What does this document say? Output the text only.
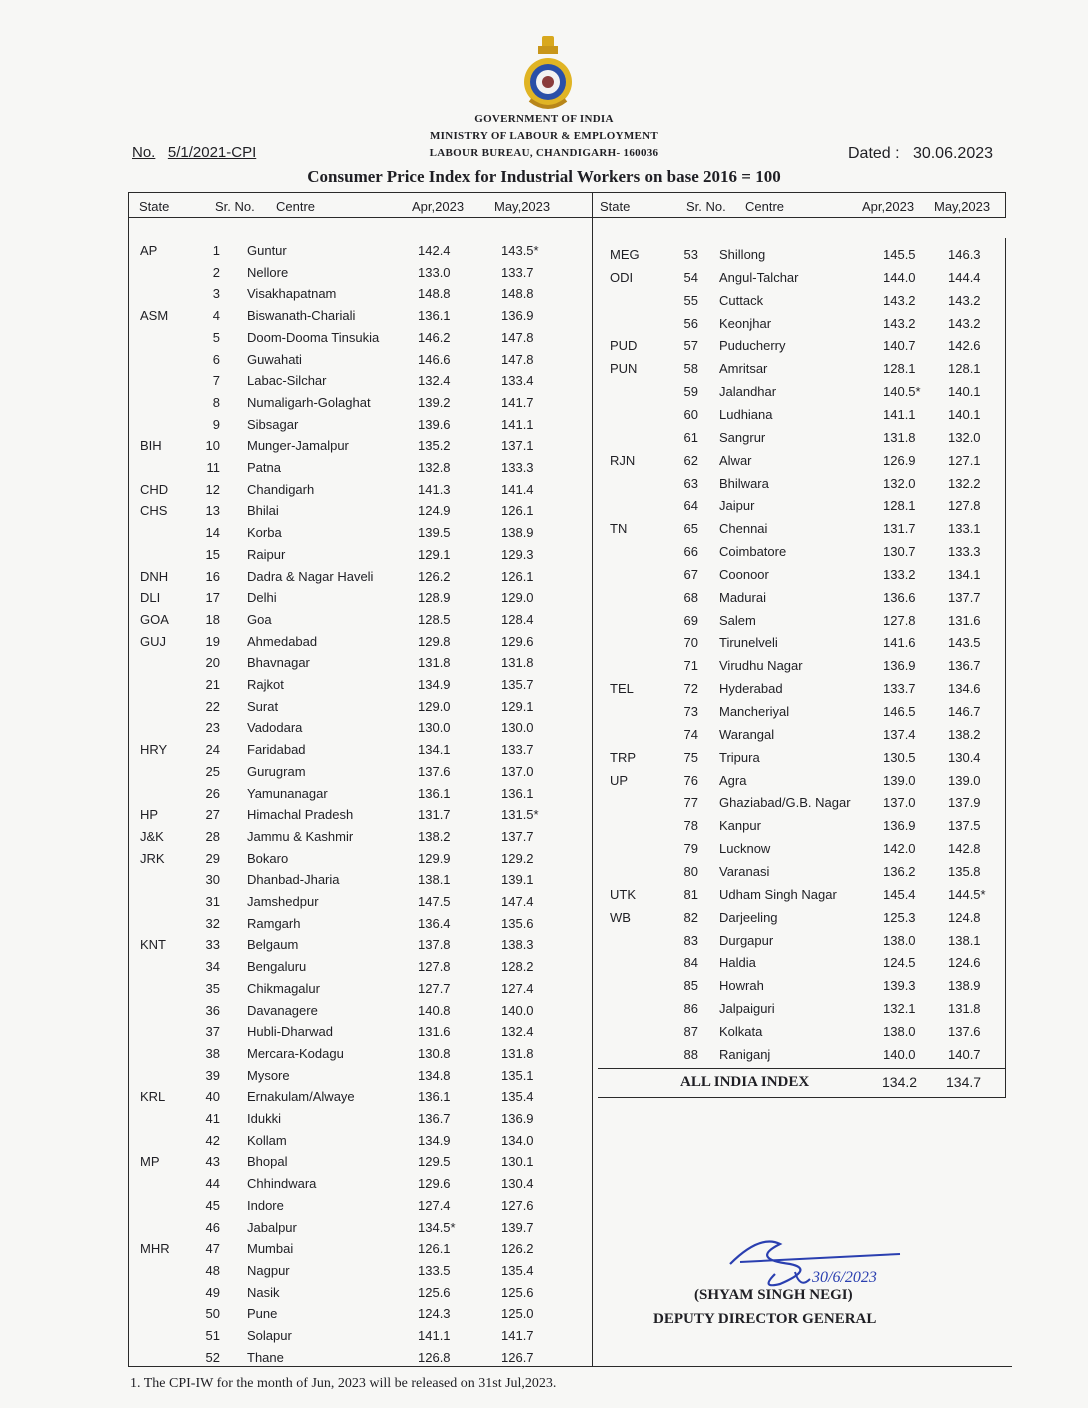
GOVERNMENT OF INDIA
MINISTRY OF LABOUR & EMPLOYMENT
LABOUR BUREAU, CHANDIGARH- 160036
No. 5/1/2021-CPI	Dated : 30.06.2023
Consumer Price Index for Industrial Workers on base 2016 = 100
State	Sr. No. Centre	Apr,2023 May,2023	State	Sr. No. Centre	Apr,2023 May,2023
AP	1 Guntur	142.4	143.5*
2 Nellore	133.0	133.7
3 Visakhapatnam	148.8	148.8
ASM	4 Biswanath-Chariali	136.1	136.9
5 Doom-Dooma Tinsukia	146.2	147.8
6 Guwahati	146.6	147.8
7 Labac-Silchar	132.4	133.4
8 Numaligarh-Golaghat	139.2	141.7
9 Sibsagar	139.6	141.1
BIH	10 Munger-Jamalpur	135.2	137.1
11 Patna	132.8	133.3
CHD	12 Chandigarh	141.3	141.4
CHS	13 Bhilai	124.9	126.1
14 Korba	139.5	138.9
15 Raipur	129.1	129.3
DNH	16 Dadra & Nagar Haveli	126.2	126.1
DLI	17 Delhi	128.9	129.0
GOA	18 Goa	128.5	128.4
GUJ	19 Ahmedabad	129.8	129.6
20 Bhavnagar	131.8	131.8
21 Rajkot	134.9	135.7
22 Surat	129.0	129.1
23 Vadodara	130.0	130.0
HRY	24 Faridabad	134.1	133.7
25 Gurugram	137.6	137.0
26 Yamunanagar	136.1	136.1
HP	27 Himachal Pradesh	131.7	131.5*
J&K	28 Jammu & Kashmir	138.2	137.7
JRK	29 Bokaro	129.9	129.2
30 Dhanbad-Jharia	138.1	139.1
31 Jamshedpur	147.5	147.4
32 Ramgarh	136.4	135.6
KNT	33 Belgaum	137.8	138.3
34 Bengaluru	127.8	128.2
35 Chikmagalur	127.7	127.4
36 Davanagere	140.8	140.0
37 Hubli-Dharwad	131.6	132.4
38 Mercara-Kodagu	130.8	131.8
39 Mysore	134.8	135.1
KRL	40 Ernakulam/Alwaye	136.1	135.4
41 Idukki	136.7	136.9
42 Kollam	134.9	134.0
MP	43 Bhopal	129.5	130.1
44 Chhindwara	129.6	130.4
45 Indore	127.4	127.6
46 Jabalpur	134.5*	139.7
MHR	47 Mumbai	126.1	126.2
48 Nagpur	133.5	135.4
49 Nasik	125.6	125.6
50 Pune	124.3	125.0
51 Solapur	141.1	141.7
52 Thane	126.8	126.7
MEG	53 Shillong	145.5 146.3
ODI	54 Angul-Talchar	144.0 144.4
55 Cuttack	143.2 143.2
56 Keonjhar	143.2 143.2
PUD	57 Puducherry	140.7 142.6
PUN	58 Amritsar	128.1 128.1
59 Jalandhar	140.5* 140.1
60 Ludhiana	141.1 140.1
61 Sangrur	131.8 132.0
RJN	62 Alwar	126.9 127.1
63 Bhilwara	132.0 132.2
64 Jaipur	128.1 127.8
TN	65 Chennai	131.7 133.1
66 Coimbatore	130.7 133.3
67 Coonoor	133.2 134.1
68 Madurai	136.6 137.7
69 Salem	127.8 131.6
70 Tirunelveli	141.6 143.5
71 Virudhu Nagar	136.9 136.7
TEL	72 Hyderabad	133.7 134.6
73 Mancheriyal	146.5 146.7
74 Warangal	137.4 138.2
TRP	75 Tripura	130.5 130.4
UP	76 Agra	139.0 139.0
77 Ghaziabad/G.B. Nagar 137.0 137.9
78 Kanpur	136.9 137.5
79 Lucknow	142.0 142.8
80 Varanasi	136.2 135.8
UTK	81 Udham Singh Nagar	145.4 144.5*
WB	82 Darjeeling	125.3 124.8
83 Durgapur	138.0 138.1
84 Haldia	124.5 124.6
85 Howrah	139.3 138.9
86 Jalpaiguri	132.1 131.8
87 Kolkata	138.0 137.6
88 Raniganj	140.0 140.7
ALL INDIA INDEX	134.2 134.7
30/6/2023
(SHYAM SINGH NEGI)
DEPUTY DIRECTOR GENERAL
1. The CPI-IW for the month of Jun, 2023 will be released on 31st Jul,2023.
